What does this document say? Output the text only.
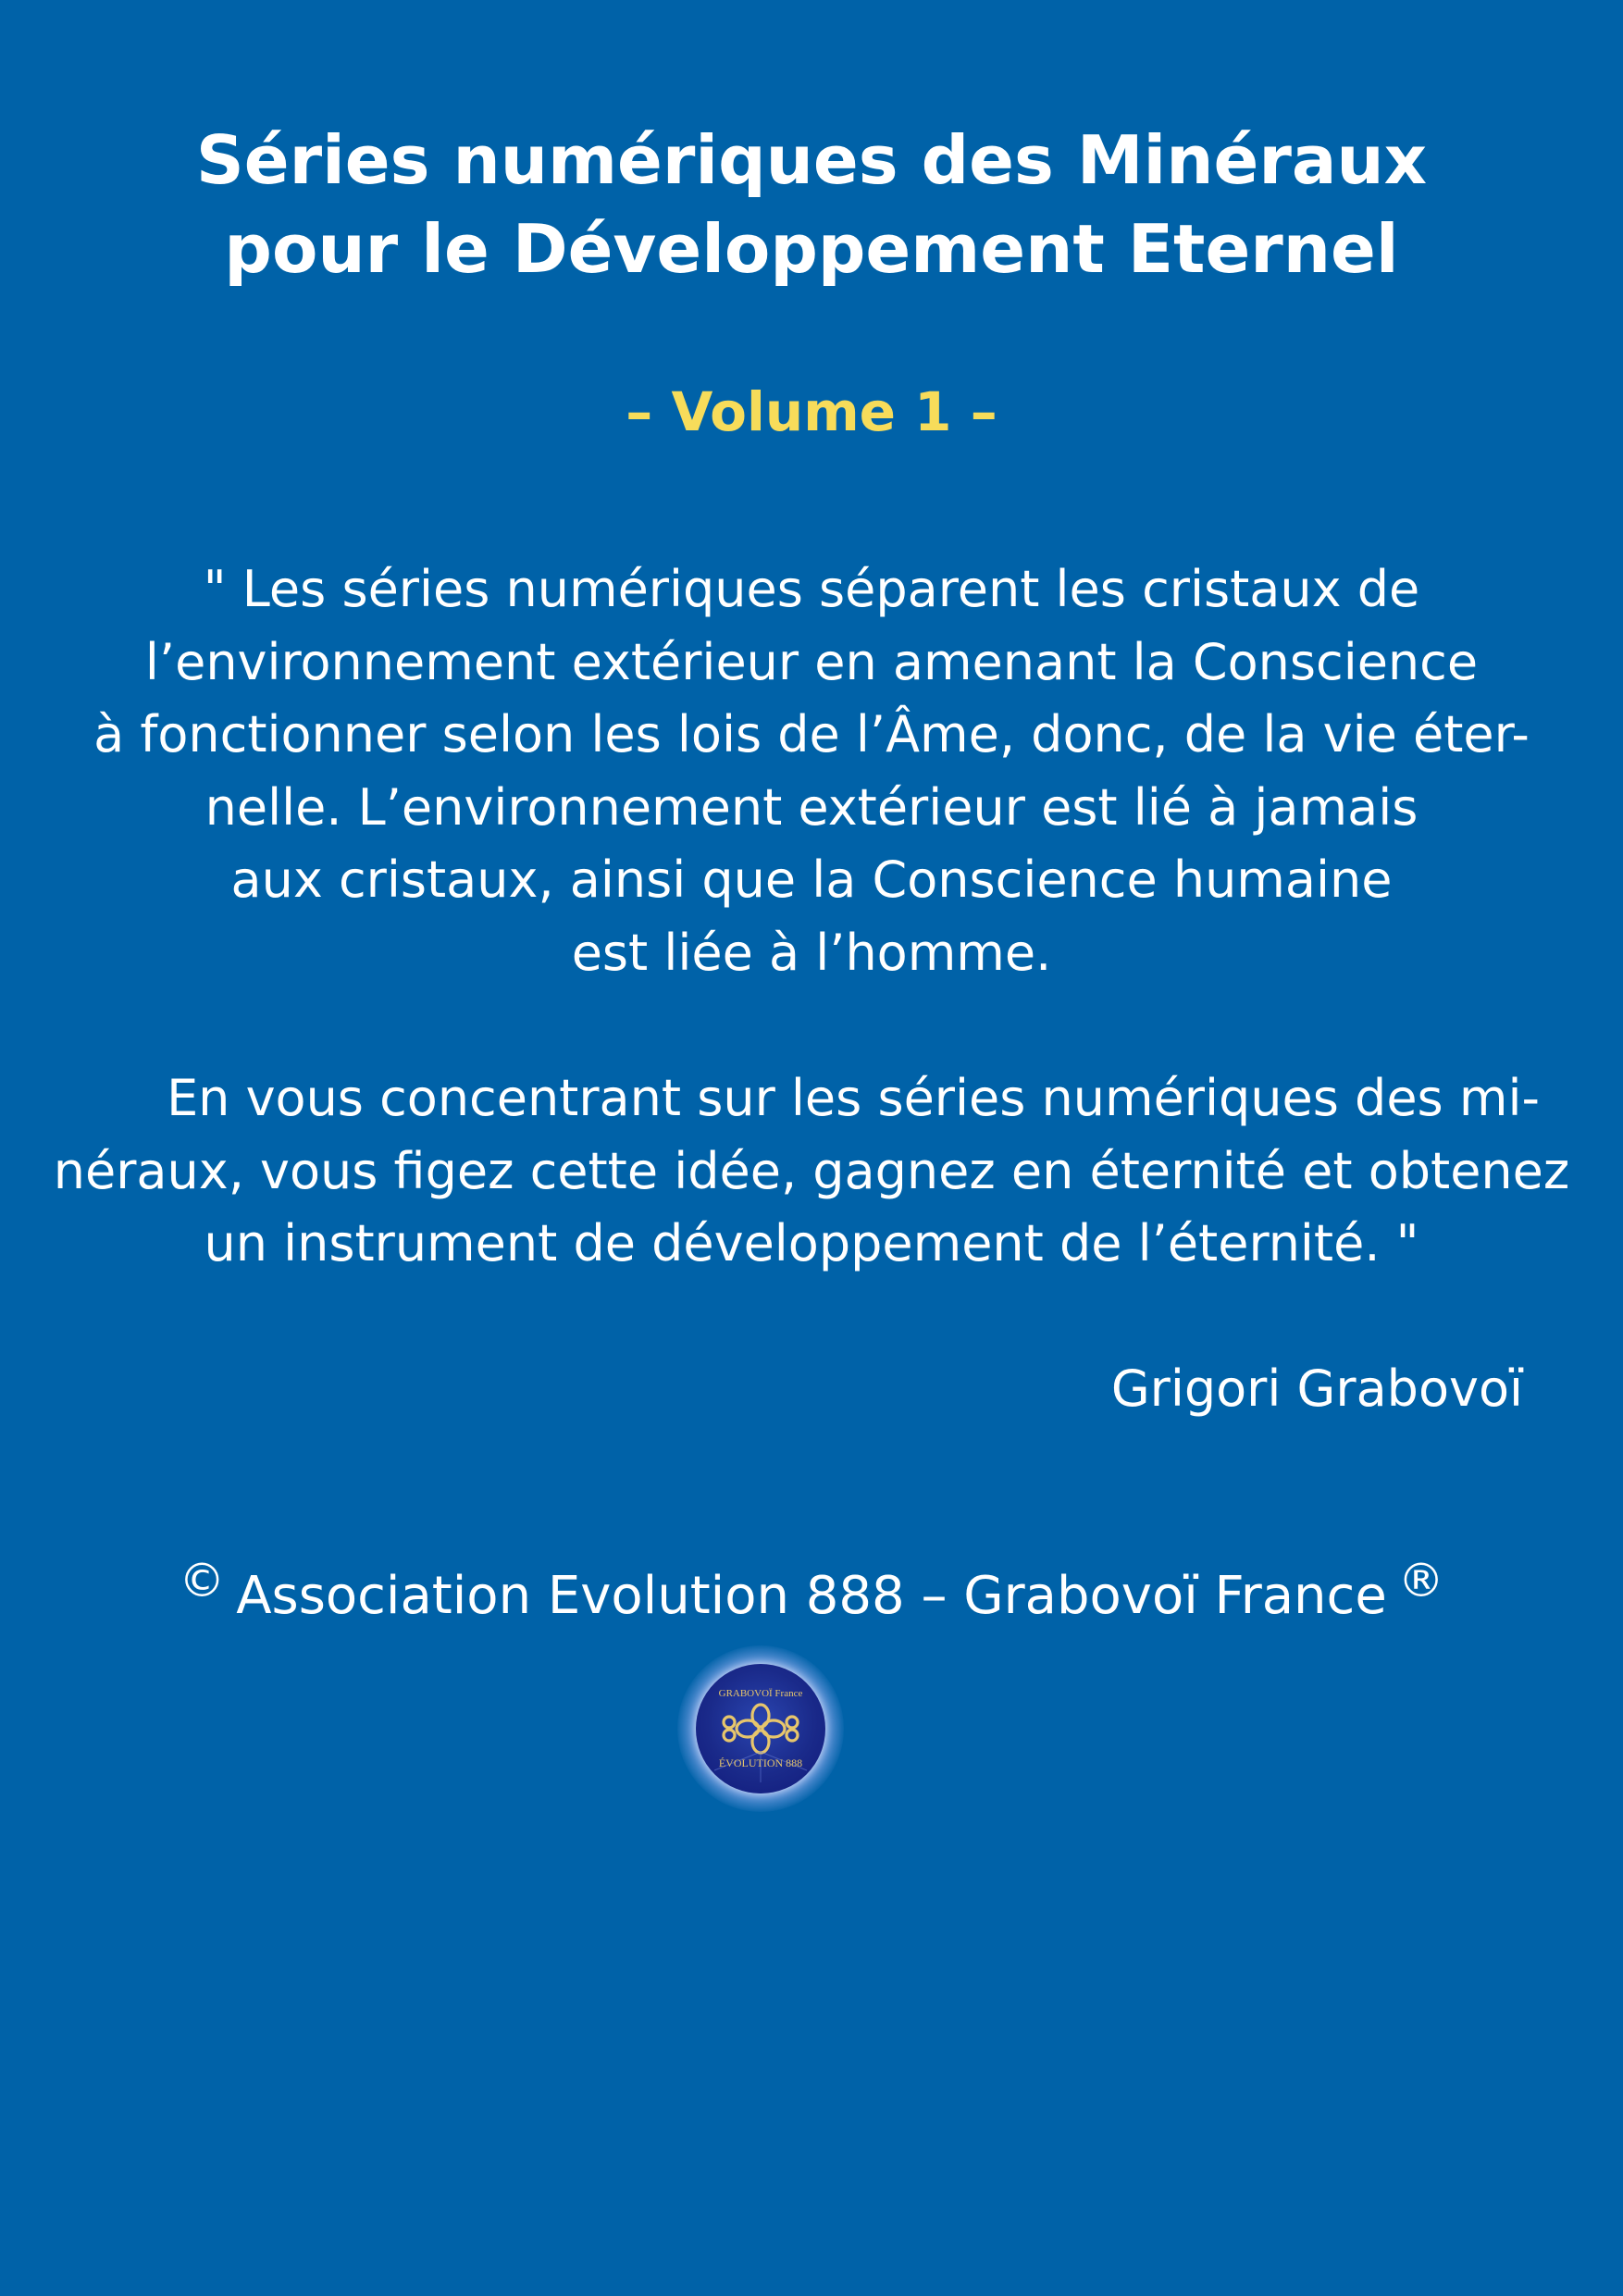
Séries numériques des Minéraux
pour le Développement Eternel
– Volume 1 –
" Les séries numériques séparent les cristaux de
l’environnement extérieur en amenant la Conscience
à fonctionner selon les lois de l’Âme, donc, de la vie éter-
nelle. L’environnement extérieur est lié à jamais
aux cristaux, ainsi que la Conscience humaine
est liée à l’homme.
En vous concentrant sur les séries numériques des mi-
néraux, vous figez cette idée, gagnez en éternité et obtenez
un instrument de développement de l’éternité. "
Grigori Grabovoï
© Association Evolution 888 – Grabovoï France ®
GRABOVOÏ France
ÉVOLUTION 888
